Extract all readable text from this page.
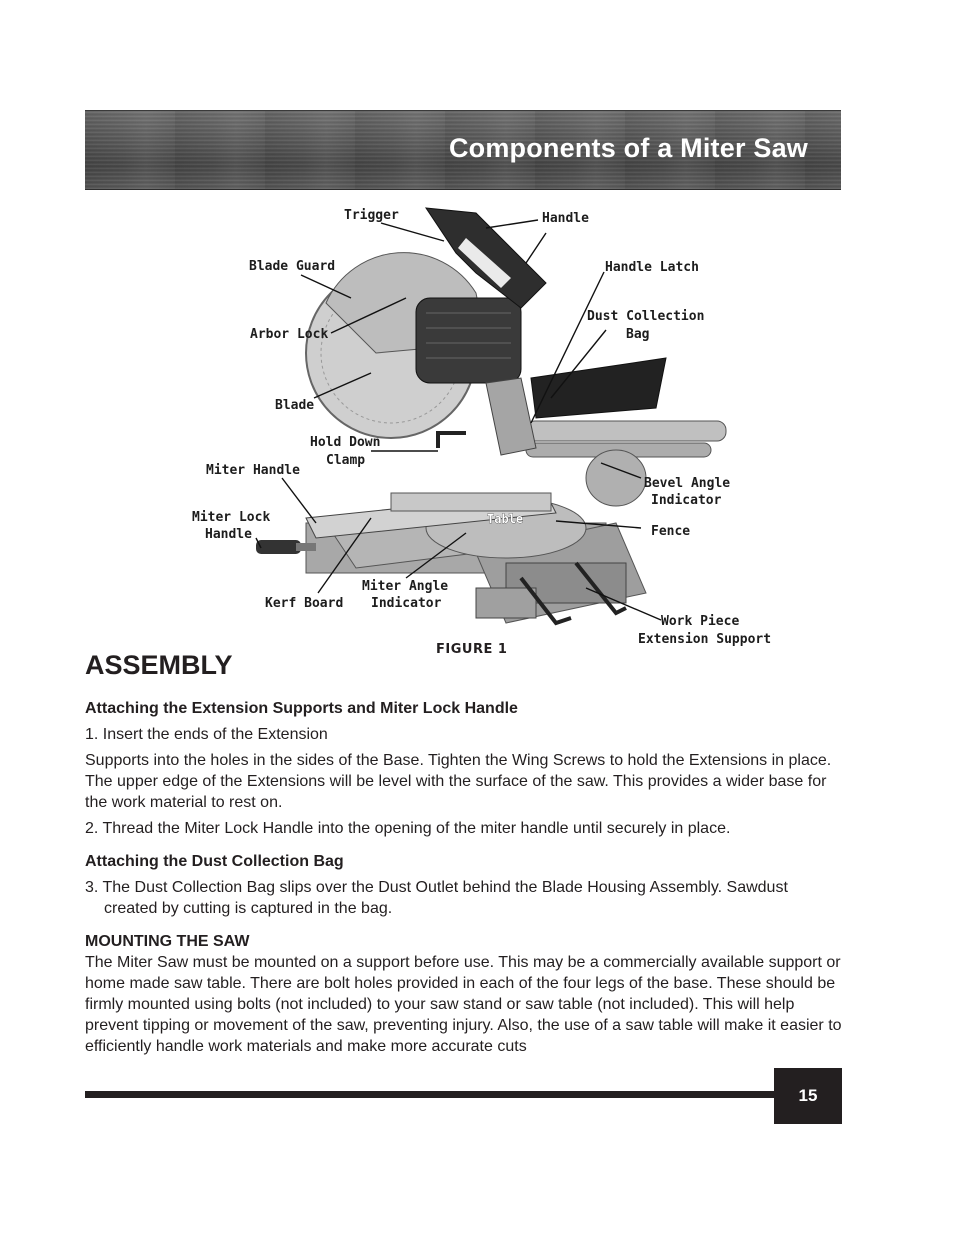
Components of a Miter Saw
Trigger	Handle
Blade Guard	Handle Latch
Dust Collection
Bag
Arbor Lock
Blade
Hold Down
Clamp
Miter Handle
Bevel Angle
Indicator
Miter Lock
Handle
Table
Fence
Miter Angle
Indicator
Kerf Board
Work Piece
Extension Support
FIGURE 1
ASSEMBLY

Attaching the Extension Supports and Miter Lock Handle

1. Insert the ends of the Extension

Supports into the holes in the sides of the Base. Tighten the Wing Screws to hold the Extensions in place. The upper edge of the Extensions will be level with the surface of the saw. This provides a wider base for the work material to rest on.

2. Thread the Miter Lock Handle into the opening of the miter handle until securely in place.

Attaching the Dust Collection Bag

3. The Dust Collection Bag slips over the Dust Outlet behind the Blade Housing Assembly. Sawdust created by cutting is captured in the bag.

MOUNTING THE SAW

The Miter Saw must be mounted on a support before use. This may be a commercially available support or home made saw table. There are bolt holes provided in each of the four legs of the base. These should be firmly mounted using bolts (not included) to your saw stand or saw table (not included). This will help prevent tipping or movement of the saw, preventing injury. Also, the use of a saw table will make it easier to efficiently handle work materials and make more accurate cuts

15
